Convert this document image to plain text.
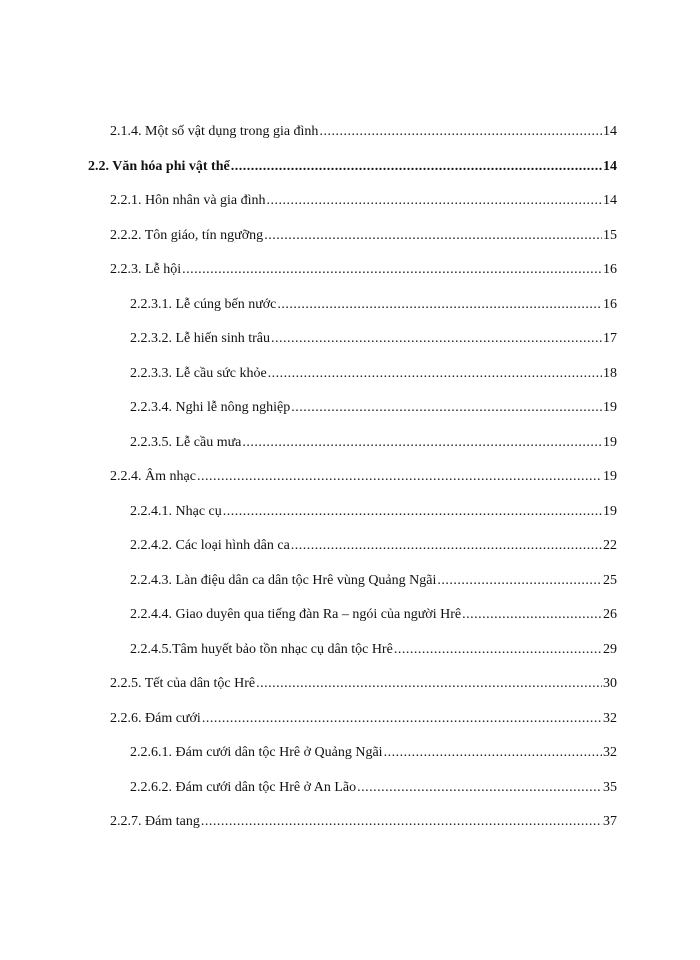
2.1.4. Một số vật dụng trong gia đình .....	14
2.2. Văn hóa phi vật thể .....	14
2.2.1. Hôn nhân và gia đình .....	14
2.2.2. Tôn giáo, tín ngưỡng .....	15
2.2.3. Lễ hội .....	16
2.2.3.1. Lễ cúng bến nước .....	16
2.2.3.2. Lễ hiến sinh trâu .....	17
2.2.3.3. Lễ cầu sức khỏe .....	18
2.2.3.4. Nghi lễ nông nghiệp .....	19
2.2.3.5. Lễ cầu mưa .....	19
2.2.4. Âm nhạc .....	19
2.2.4.1. Nhạc cụ .....	19
2.2.4.2. Các loại hình dân ca .....	22
2.2.4.3. Làn điệu dân ca dân tộc Hrê vùng Quảng Ngãi .....	25
2.2.4.4. Giao duyên qua tiếng đàn Ra – ngói của người Hrê .....	26
2.2.4.5.Tâm huyết bảo tồn nhạc cụ dân tộc Hrê .....	29
2.2.5. Tết của dân tộc Hrê .....	30
2.2.6. Đám cưới .....	32
2.2.6.1. Đám cưới dân tộc Hrê ở Quảng Ngãi .....	32
2.2.6.2. Đám cưới dân tộc Hrê ở An Lão .....	35
2.2.7. Đám tang .....	37
